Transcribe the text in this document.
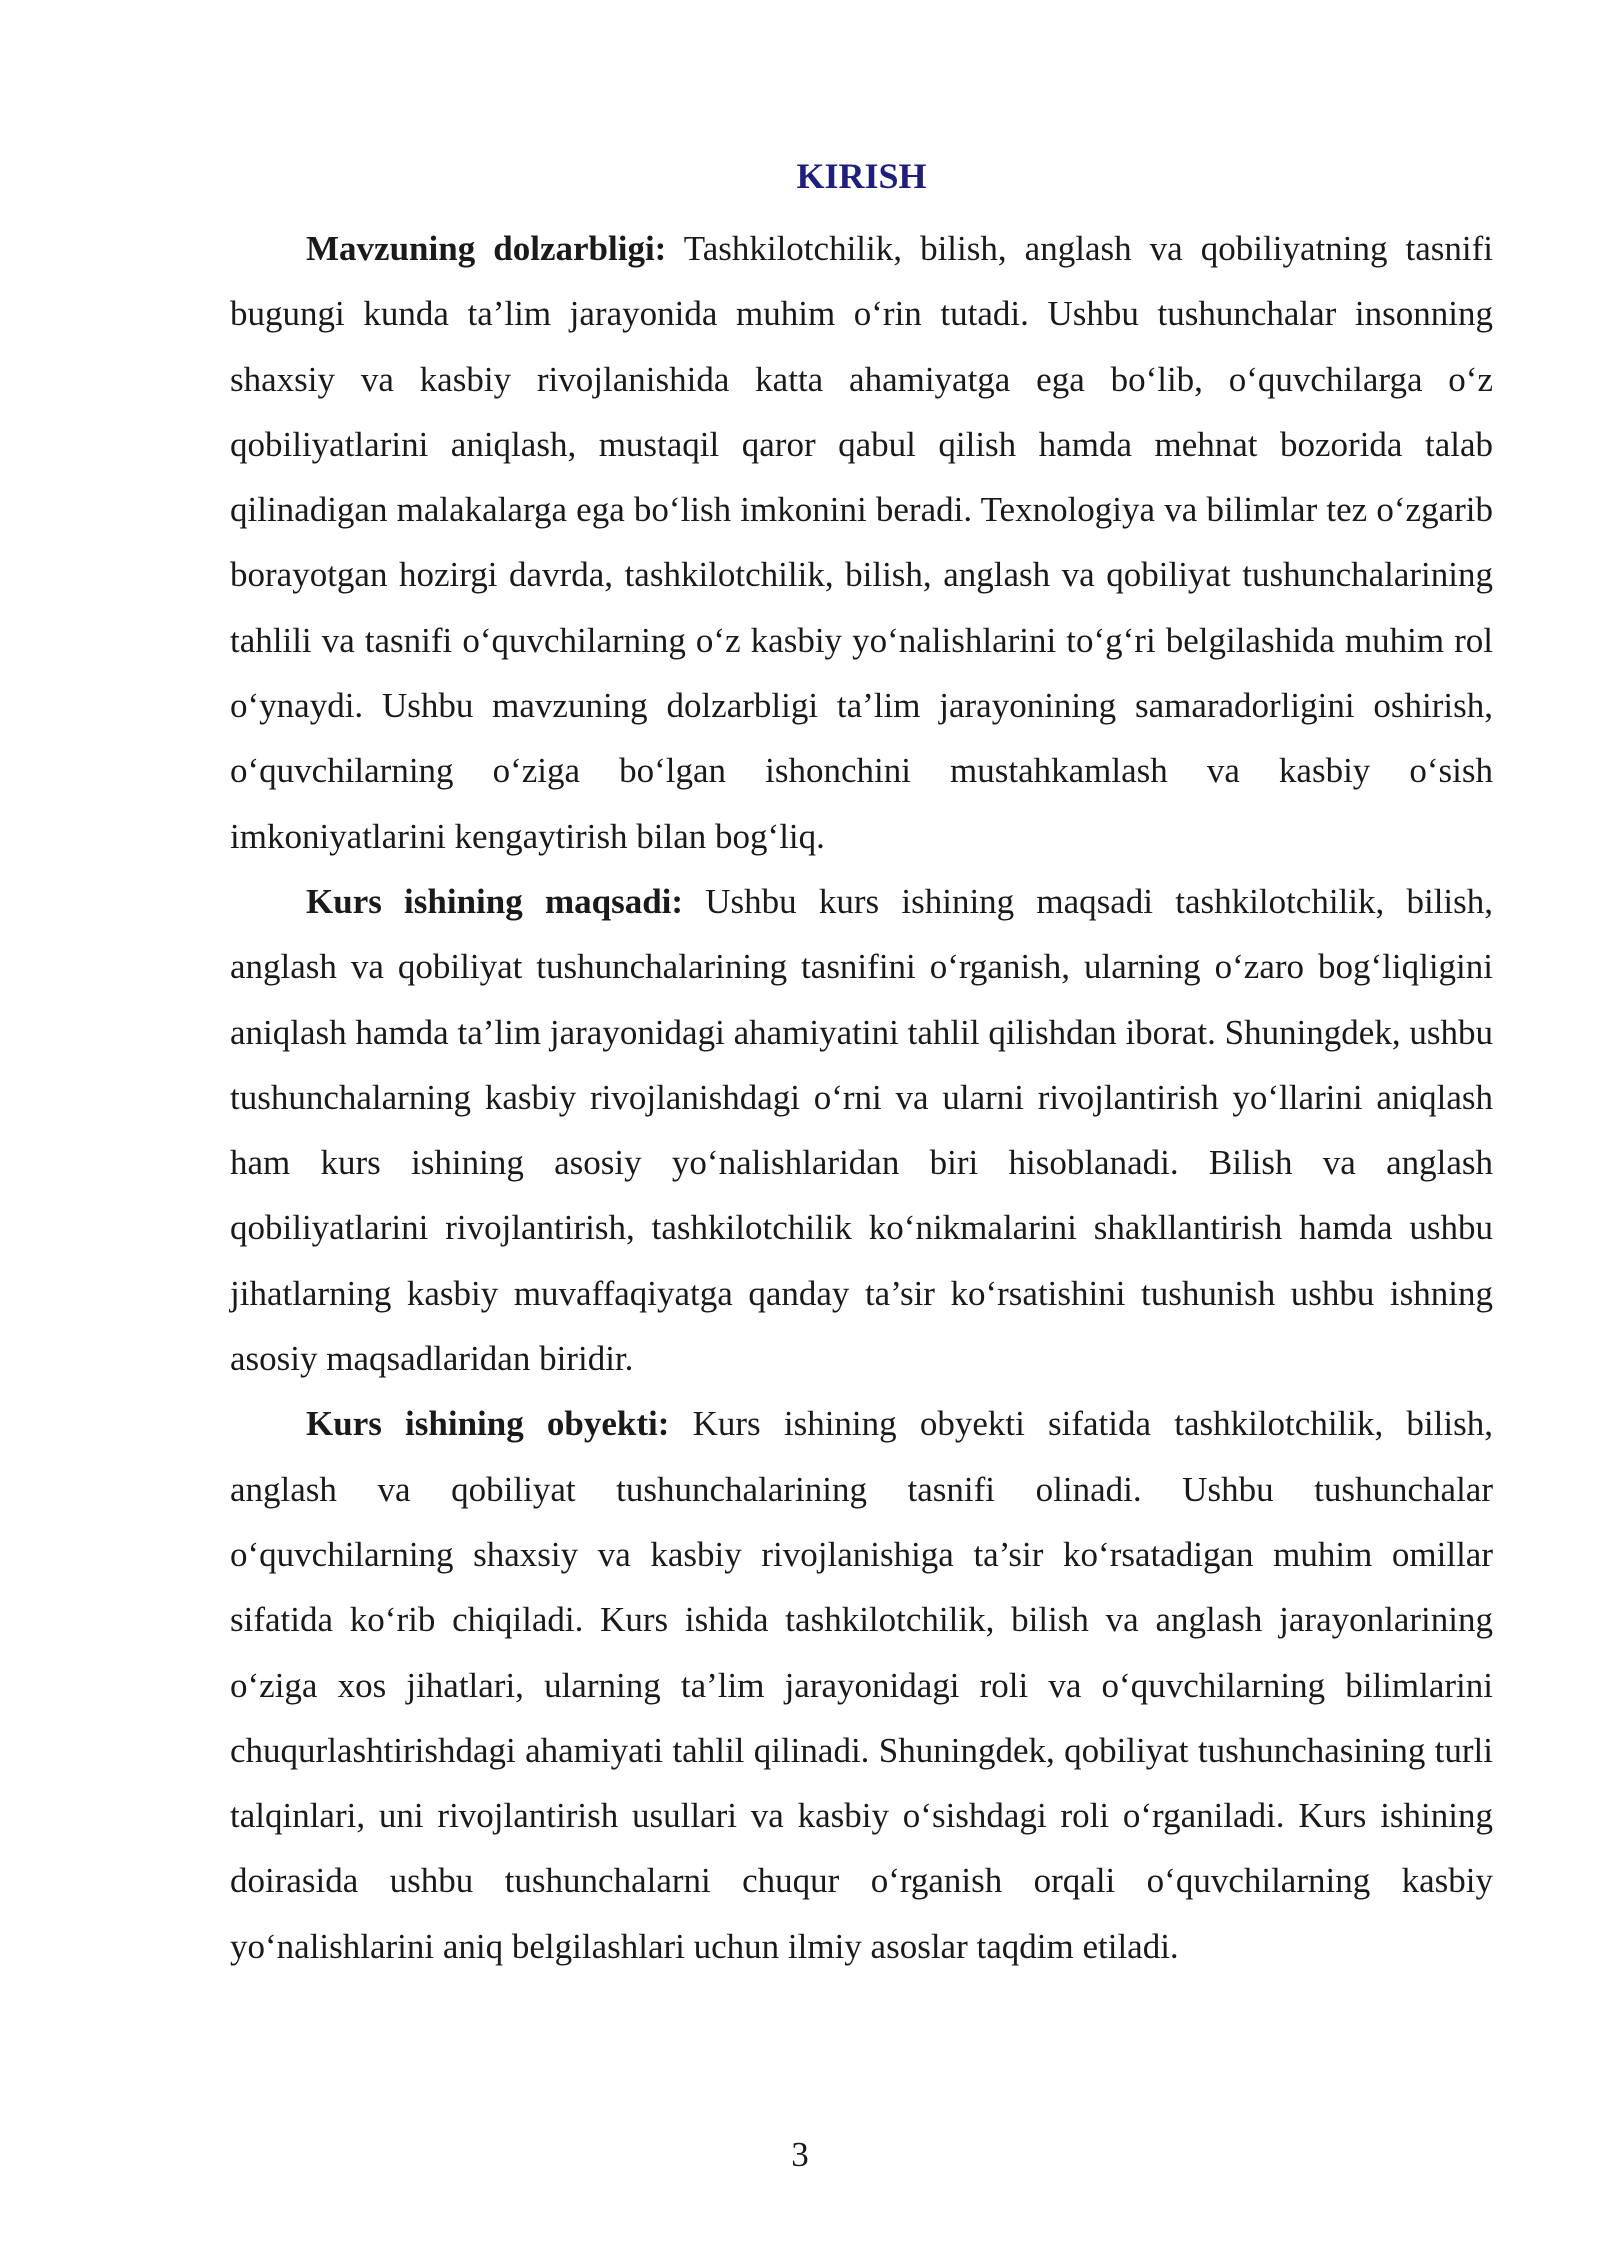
KIRISH

Mavzuning dolzarbligi: Tashkilotchilik, bilish, anglash va qobiliyatning tasnifi bugungi kunda ta’lim jarayonida muhim o‘rin tutadi. Ushbu tushunchalar insonning shaxsiy va kasbiy rivojlanishida katta ahamiyatga ega bo‘lib, o‘quvchilarga o‘z qobiliyatlarini aniqlash, mustaqil qaror qabul qilish hamda mehnat bozorida talab qilinadigan malakalarga ega bo‘lish imkonini beradi. Texnologiya va bilimlar tez o‘zgarib borayotgan hozirgi davrda, tashkilotchilik, bilish, anglash va qobiliyat tushunchalarining tahlili va tasnifi o‘quvchilarning o‘z kasbiy yo‘nalishlarini to‘g‘ri belgilashida muhim rol o‘ynaydi. Ushbu mavzuning dolzarbligi ta’lim jarayonining samaradorligini oshirish, o‘quvchilarning o‘ziga bo‘lgan ishonchini mustahkamlash va kasbiy o‘sish imkoniyatlarini kengaytirish bilan bog‘liq.

Kurs ishining maqsadi: Ushbu kurs ishining maqsadi tashkilotchilik, bilish, anglash va qobiliyat tushunchalarining tasnifini o‘rganish, ularning o‘zaro bog‘liqligini aniqlash hamda ta’lim jarayonidagi ahamiyatini tahlil qilishdan iborat. Shuningdek, ushbu tushunchalarning kasbiy rivojlanishdagi o‘rni va ularni rivojlantirish yo‘llarini aniqlash ham kurs ishining asosiy yo‘nalishlaridan biri hisoblanadi. Bilish va anglash qobiliyatlarini rivojlantirish, tashkilotchilik ko‘nikmalarini shakllantirish hamda ushbu jihatlarning kasbiy muvaffaqiyatga qanday ta’sir ko‘rsatishini tushunish ushbu ishning asosiy maqsadlaridan biridir.

Kurs ishining obyekti: Kurs ishining obyekti sifatida tashkilotchilik, bilish, anglash va qobiliyat tushunchalarining tasnifi olinadi. Ushbu tushunchalar o‘quvchilarning shaxsiy va kasbiy rivojlanishiga ta’sir ko‘rsatadigan muhim omillar sifatida ko‘rib chiqiladi. Kurs ishida tashkilotchilik, bilish va anglash jarayonlarining o‘ziga xos jihatlari, ularning ta’lim jarayonidagi roli va o‘quvchilarning bilimlarini chuqurlashtirishdagi ahamiyati tahlil qilinadi. Shuningdek, qobiliyat tushunchasining turli talqinlari, uni rivojlantirish usullari va kasbiy o‘sishdagi roli o‘rganiladi. Kurs ishining doirasida ushbu tushunchalarni chuqur o‘rganish orqali o‘quvchilarning kasbiy yo‘nalishlarini aniq belgilashlari uchun ilmiy asoslar taqdim etiladi.

3
